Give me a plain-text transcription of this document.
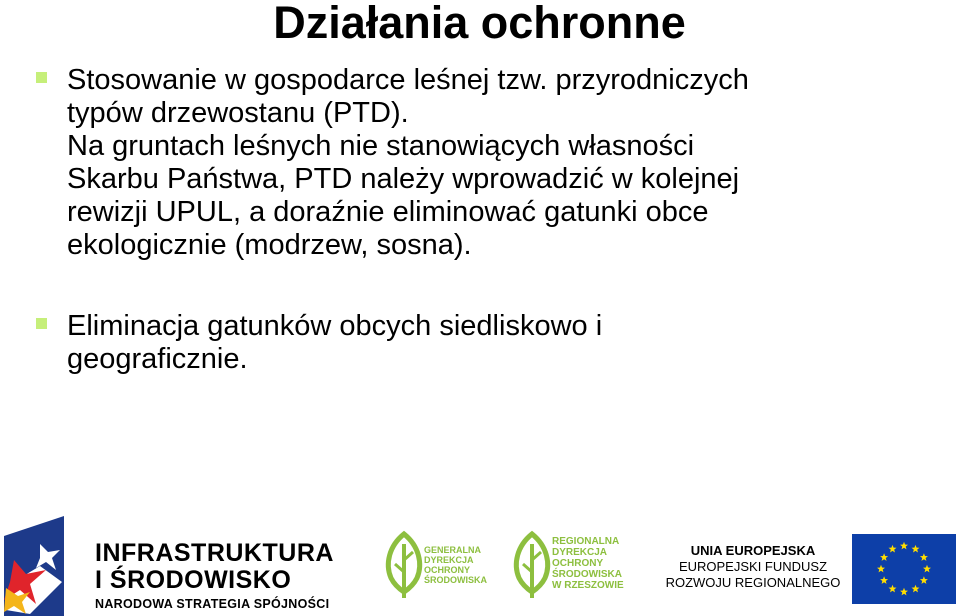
Działania ochronne
Stosowanie w gospodarce leśnej tzw. przyrodniczych
typów drzewostanu (PTD).
Na gruntach leśnych nie stanowiących własności
Skarbu Państwa, PTD należy wprowadzić w kolejnej
rewizji UPUL, a doraźnie eliminować gatunki obce
ekologicznie (modrzew, sosna).
Eliminacja gatunków obcych siedliskowo i
geograficznie.
INFRASTRUKTURA
I ŚRODOWISKO
NARODOWA STRATEGIA SPÓJNOŚCI
GENERALNA
DYREKCJA
OCHRONY
ŚRODOWISKA
REGIONALNA
DYREKCJA
OCHRONY
ŚRODOWISKA
W RZESZOWIE
UNIA EUROPEJSKA
EUROPEJSKI FUNDUSZ
ROZWOJU REGIONALNEGO
